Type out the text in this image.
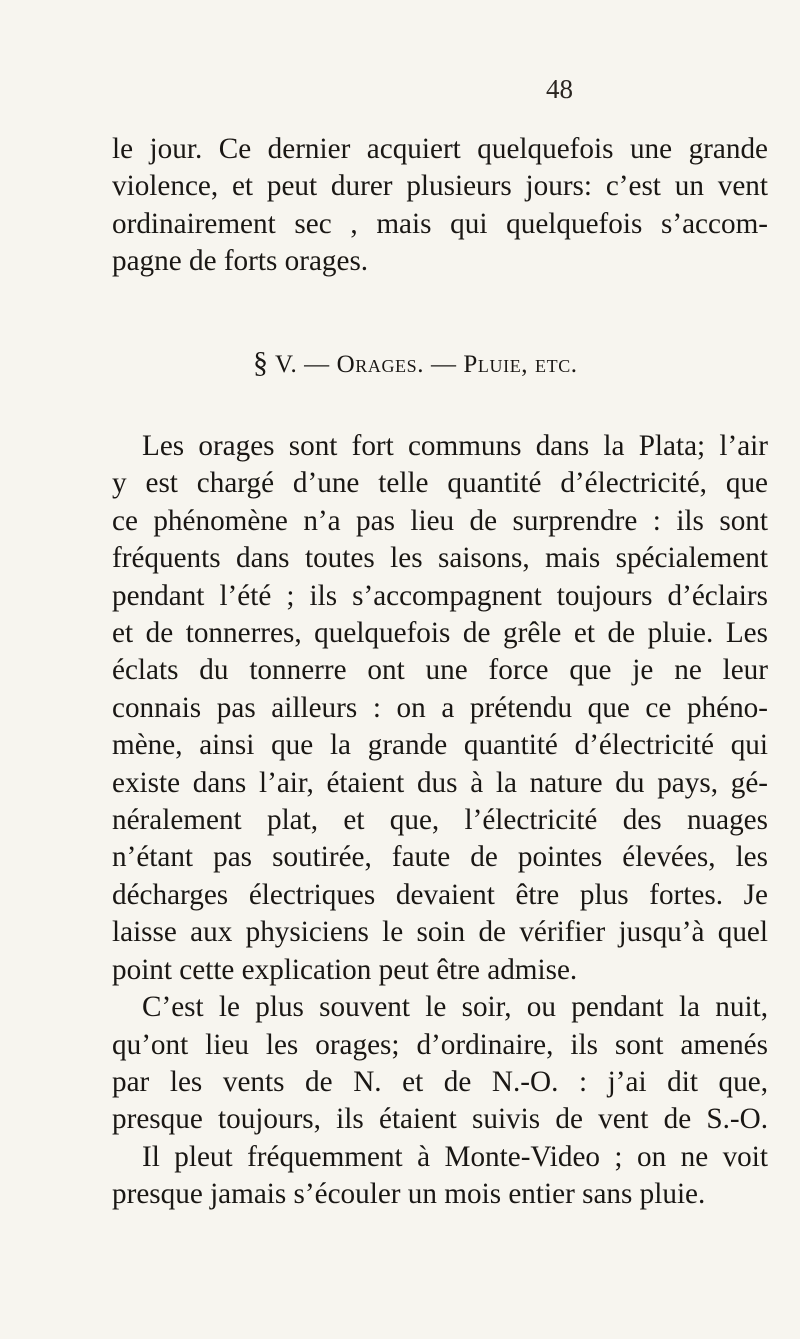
48
le jour. Ce dernier acquiert quelquefois une grande
violence, et peut durer plusieurs jours: c’est un vent
ordinairement sec , mais qui quelquefois s’accom-
pagne de forts orages.
§ V. — Orages. — Pluie, etc.
Les orages sont fort communs dans la Plata; l’air
y est chargé d’une telle quantité d’électricité, que
ce phénomène n’a pas lieu de surprendre : ils sont
fréquents dans toutes les saisons, mais spécialement
pendant l’été ; ils s’accompagnent toujours d’éclairs
et de tonnerres, quelquefois de grêle et de pluie. Les
éclats du tonnerre ont une force que je ne leur
connais pas ailleurs : on a prétendu que ce phéno-
mène, ainsi que la grande quantité d’électricité qui
existe dans l’air, étaient dus à la nature du pays, gé-
néralement plat, et que, l’électricité des nuages
n’étant pas soutirée, faute de pointes élevées, les
décharges électriques devaient être plus fortes. Je
laisse aux physiciens le soin de vérifier jusqu’à quel
point cette explication peut être admise.
C’est le plus souvent le soir, ou pendant la nuit,
qu’ont lieu les orages; d’ordinaire, ils sont amenés
par les vents de N. et de N.-O. : j’ai dit que,
presque toujours, ils étaient suivis de vent de S.-O.
Il pleut fréquemment à Monte-Video ; on ne voit
presque jamais s’écouler un mois entier sans pluie.
